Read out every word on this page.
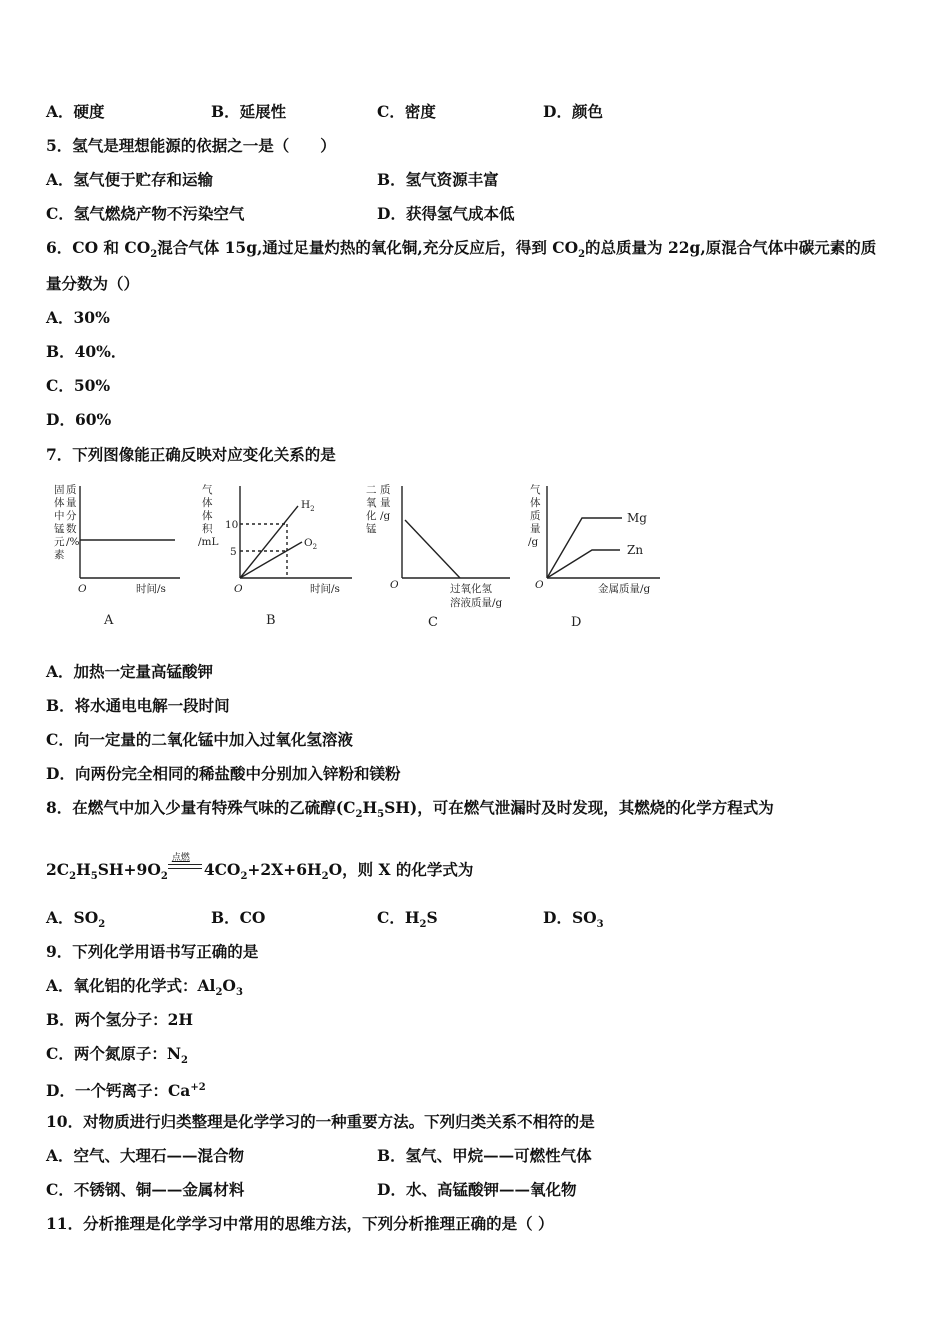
A．硬度	B．延展性	C．密度	D．颜色
5．氢气是理想能源的依据之一是（　　）
A．氢气便于贮存和运输	B．氢气资源丰富
C．氢气燃烧产物不污染空气	D．获得氢气成本低
6．CO 和 $CO_2$混合气体 15g,通过足量灼热的氧化铜,充分反应后，得到 $CO_2$的总质量为 22g,原混合气体中碳元素的质
量分数为（）
A．30%
B．40%．
C．50%
D．60%
7．下列图像能正确反映对应变化关系的是
固
体
中
锰
元
素
质
量
分
数
/%
O	时间/s
A
气
体
体
积
/mL
10
5
$H_2$
$O_2$
O	时间/s
B
二
氧
化
锰
质
量
/g
O	过氧化氢
溶液质量/g
C
气
体
质
量
/g
Mg
Zn
O	金属质量/g
D
A．加热一定量高锰酸钾
B．将水通电电解一段时间
C．向一定量的二氧化锰中加入过氧化氢溶液
D．向两份完全相同的稀盐酸中分别加入锌粉和镁粉
8．在燃气中加入少量有特殊气味的乙硫醇$(C_2H_5SH)$，可在燃气泄漏时及时发现，其燃烧的化学方程式为
$2C_2H_5SH+9O_2$
点燃
$4CO_2+2X+6H_2O$，则 X 的化学式为
A．$SO_2$	B．CO	C．$H_2S$	D．$SO_3$
9．下列化学用语书写正确的是
A．氧化铝的化学式：$Al_2O_3$
B．两个氢分子：2H
C．两个氮原子：$N_2$
D．一个钙离子：$Ca^{+2}$
10．对物质进行归类整理是化学学习的一种重要方法。下列归类关系不相符的是
A．空气、大理石——混合物	B．氢气、甲烷——可燃性气体
C．不锈钢、铜——金属材料	D．水、高锰酸钾——氧化物
11．分析推理是化学学习中常用的思维方法，下列分析推理正确的是（ ）
